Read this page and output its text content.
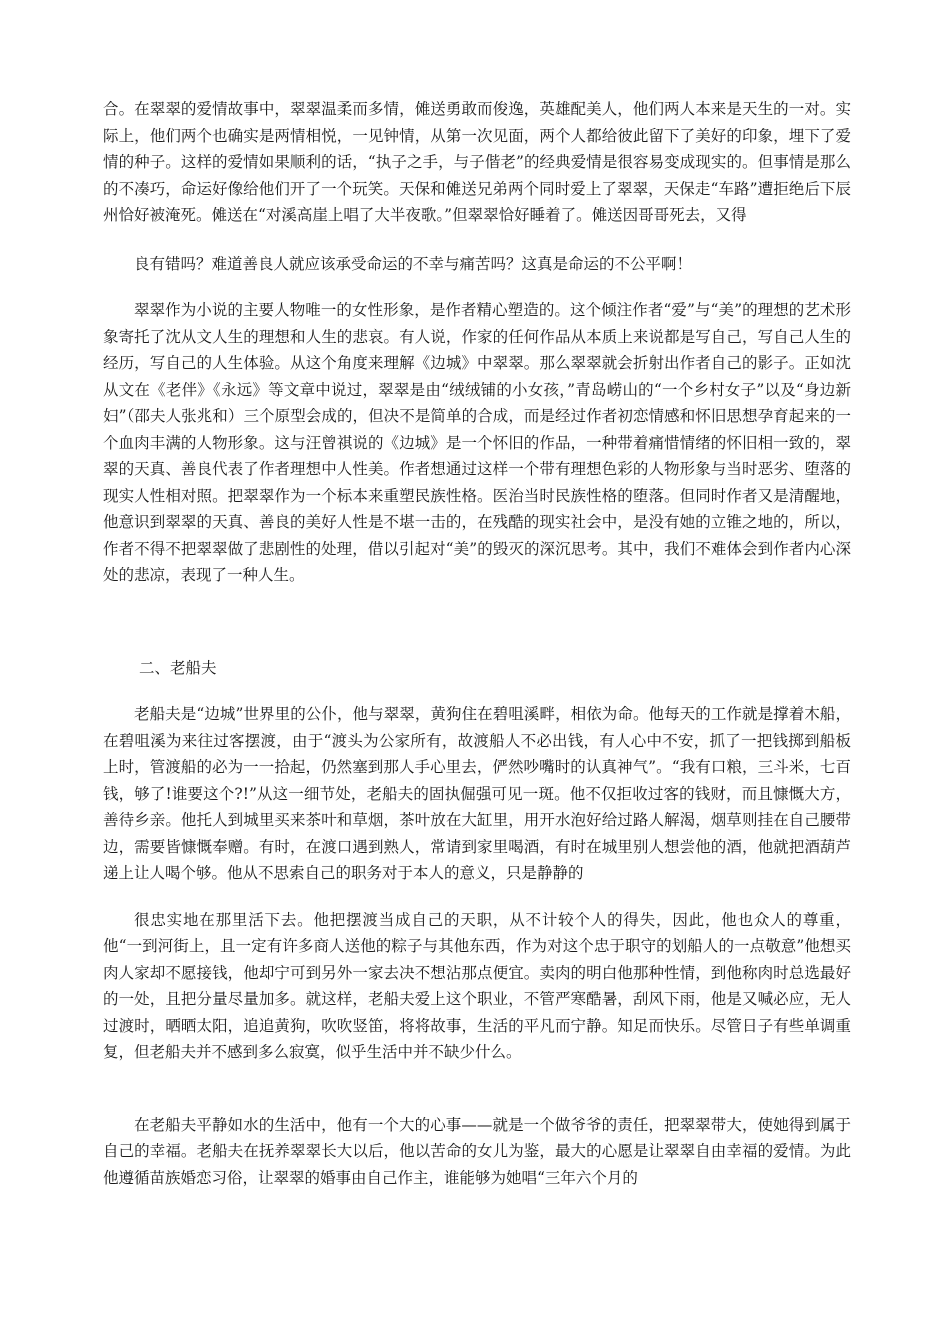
合。在翠翠的爱情故事中，翠翠温柔而多情，傩送勇敢而俊逸，英雄配美人，他们两人本来是天生的一对。实际上，他们两个也确实是两情相悦，一见钟情，从第一次见面，两个人都给彼此留下了美好的印象，埋下了爱情的种子。这样的爱情如果顺利的话，“执子之手，与子偕老”的经典爱情是很容易变成现实的。但事情是那么的不凑巧，命运好像给他们开了一个玩笑。天保和傩送兄弟两个同时爱上了翠翠，天保走“车路”遭拒绝后下辰州恰好被淹死。傩送在“对溪高崖上唱了大半夜歌。”但翠翠恰好睡着了。傩送因哥哥死去，又得

良有错吗？难道善良人就应该承受命运的不幸与痛苦吗？这真是命运的不公平啊！

翠翠作为小说的主要人物唯一的女性形象，是作者精心塑造的。这个倾注作者“爱”与“美”的理想的艺术形象寄托了沈从文人生的理想和人生的悲哀。有人说，作家的任何作品从本质上来说都是写自己，写自己人生的经历，写自己的人生体验。从这个角度来理解《边城》中翠翠。那么翠翠就会折射出作者自己的影子。正如沈从文在《老伴》《永远》等文章中说过，翠翠是由“绒绒铺的小女孩，”青岛崂山的“一个乡村女子”以及“身边新妇”（邵夫人张兆和）三个原型会成的，但决不是简单的合成，而是经过作者初恋情感和怀旧思想孕育起来的一个血肉丰满的人物形象。这与汪曾祺说的《边城》是一个怀旧的作品，一种带着痛惜情绪的怀旧相一致的，翠翠的天真、善良代表了作者理想中人性美。作者想通过这样一个带有理想色彩的人物形象与当时恶劣、堕落的现实人性相对照。把翠翠作为一个标本来重塑民族性格。医治当时民族性格的堕落。但同时作者又是清醒地，他意识到翠翠的天真、善良的美好人性是不堪一击的，在残酷的现实社会中，是没有她的立锥之地的，所以，作者不得不把翠翠做了悲剧性的处理，借以引起对“美”的毁灭的深沉思考。其中，我们不难体会到作者内心深处的悲凉，表现了一种人生。

二、老船夫

老船夫是“边城”世界里的公仆，他与翠翠，黄狗住在碧咀溪畔，相依为命。他每天的工作就是撑着木船，在碧咀溪为来往过客摆渡，由于“渡头为公家所有，故渡船人不必出钱，有人心中不安，抓了一把钱掷到船板上时，管渡船的必为一一拾起，仍然塞到那人手心里去，俨然吵嘴时的认真神气”。“我有口粮，三斗米，七百钱，够了!谁要这个?!”从这一细节处，老船夫的固执倔强可见一斑。他不仅拒收过客的钱财，而且慷慨大方，善待乡亲。他托人到城里买来茶叶和草烟，茶叶放在大缸里，用开水泡好给过路人解渴，烟草则挂在自己腰带边，需要皆慷慨奉赠。有时，在渡口遇到熟人，常请到家里喝酒，有时在城里别人想尝他的酒，他就把酒葫芦递上让人喝个够。他从不思索自己的职务对于本人的意义，只是静静的

很忠实地在那里活下去。他把摆渡当成自己的天职，从不计较个人的得失，因此，他也众人的尊重，他“一到河街上，且一定有许多商人送他的粽子与其他东西，作为对这个忠于职守的划船人的一点敬意”他想买肉人家却不愿接钱，他却宁可到另外一家去决不想沾那点便宜。卖肉的明白他那种性情，到他称肉时总选最好的一处，且把分量尽量加多。就这样，老船夫爱上这个职业，不管严寒酷暑，刮风下雨，他是又喊必应，无人过渡时，晒晒太阳，追追黄狗，吹吹竖笛，将将故事，生活的平凡而宁静。知足而快乐。尽管日子有些单调重复，但老船夫并不感到多么寂寞，似乎生活中并不缺少什么。

在老船夫平静如水的生活中，他有一个大的心事——就是一个做爷爷的责任，把翠翠带大，使她得到属于自己的幸福。老船夫在抚养翠翠长大以后，他以苦命的女儿为鉴，最大的心愿是让翠翠自由幸福的爱情。为此他遵循苗族婚恋习俗，让翠翠的婚事由自己作主，谁能够为她唱“三年六个月的
